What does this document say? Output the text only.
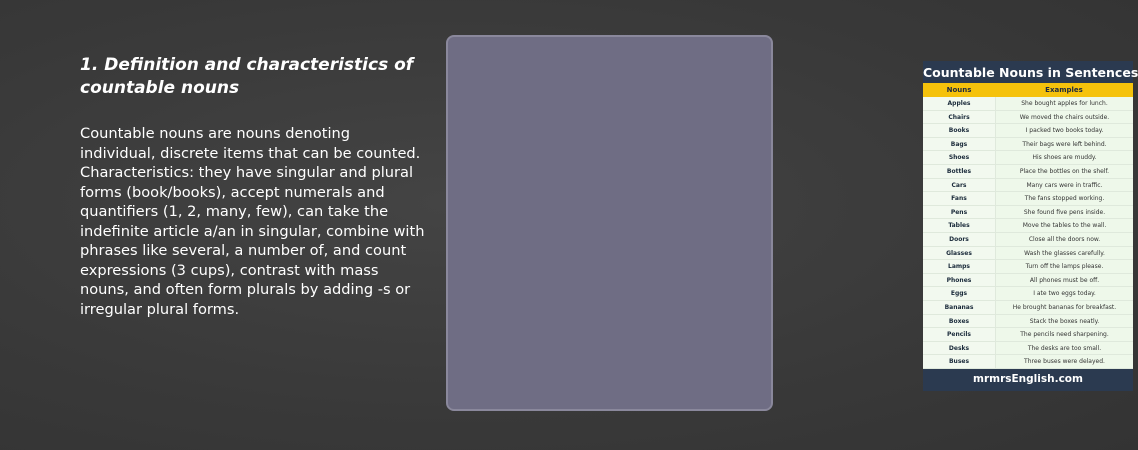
1. Definition and characteristics of countable nouns

Countable nouns are nouns denoting individual, discrete items that can be counted. Characteristics: they have singular and plural forms (book/books), accept numerals and quantifiers (1, 2, many, few), can take the indefinite article a/an in singular, combine with phrases like several, a number of, and count expressions (3 cups), contrast with mass nouns, and often form plurals by adding -s or irregular plural forms.

Countable Nouns in Sentences
Nouns	Examples
Apples	She bought apples for lunch.
Chairs	We moved the chairs outside.
Books	I packed two books today.
Bags	Their bags were left behind.
Shoes	His shoes are muddy.
Bottles	Place the bottles on the shelf.
Cars	Many cars were in traffic.
Fans	The fans stopped working.
Pens	She found five pens inside.
Tables	Move the tables to the wall.
Doors	Close all the doors now.
Glasses	Wash the glasses carefully.
Lamps	Turn off the lamps please.
Phones	All phones must be off.
Eggs	I ate two eggs today.
Bananas	He brought bananas for breakfast.
Boxes	Stack the boxes neatly.
Pencils	The pencils need sharpening.
Desks	The desks are too small.
Buses	Three buses were delayed.
mrmrsEnglish.com
